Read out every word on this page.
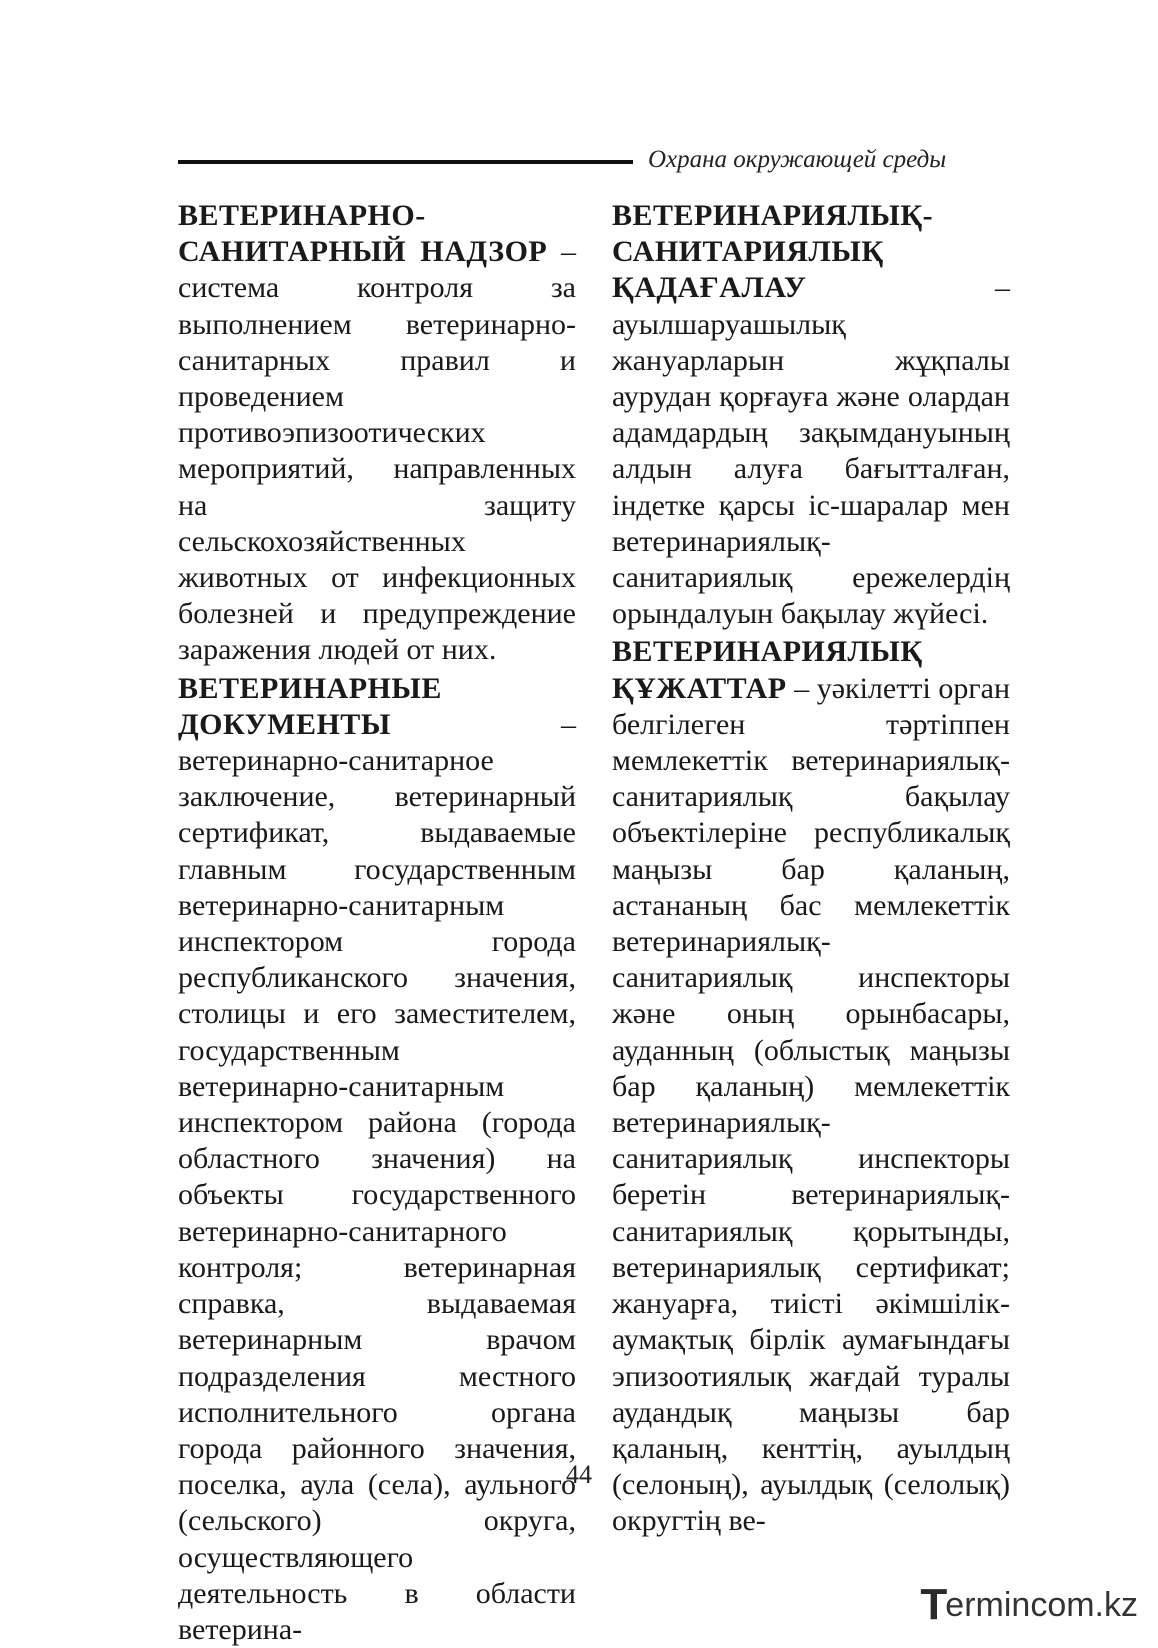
Охрана окружающей среды

ВЕТЕРИНАРНО-САНИТАРНЫЙ НАДЗОР – система контроля за выполнением ветеринарно-санитарных правил и проведением противоэпизоотических мероприятий, направленных на защиту сельскохозяйственных животных от инфекционных болезней и предупреждение заражения людей от них.

ВЕТЕРИНАРНЫЕ ДОКУМЕНТЫ – ветеринарно-санитарное заключение, ветеринарный сертификат, выдаваемые главным государственным ветеринарно-санитарным инспектором города республиканского значения, столицы и его заместителем, государственным ветеринарно-санитарным инспектором района (города областного значения) на объекты государственного ветеринарно-санитарного контроля; ветеринарная справка, выдаваемая ветеринарным врачом подразделения местного исполнительного органа города районного значения, поселка, аула (села), аульного (сельского) округа, осуществляющего деятельность в области ветерина-

ВЕТЕРИНАРИЯЛЫҚ-САНИТАРИЯЛЫҚ ҚАДАҒАЛАУ – ауылшаруашылық жануарларын жұқпалы аурудан қорғауға және олардан адамдардың зақымдануының алдын алуға бағытталған, індетке қарсы іс-шаралар мен ветеринариялық-санитариялық ережелердің орындалуын бақылау жүйесі.

ВЕТЕРИНАРИЯЛЫҚ ҚҰЖАТТАР – уәкілетті орган белгілеген тәртіппен мемлекеттік ветеринариялық-санитариялық бақылау объектілеріне республикалық маңызы бар қаланың, астананың бас мемлекеттік ветеринариялық-санитариялық инспекторы және оның орынбасары, ауданның (облыстық маңызы бар қаланың) мемлекеттік ветеринариялық-санитариялық инспекторы беретін ветеринариялық-санитариялық қорытынды, ветеринариялық сертификат; жануарға, тиісті әкімшілік-аумақтық бірлік аумағындағы эпизоотиялық жағдай туралы аудандық маңызы бар қаланың, кенттің, ауылдың (селоның), ауылдық (селолық) округтің ве-

44
T
ermincom .kz
